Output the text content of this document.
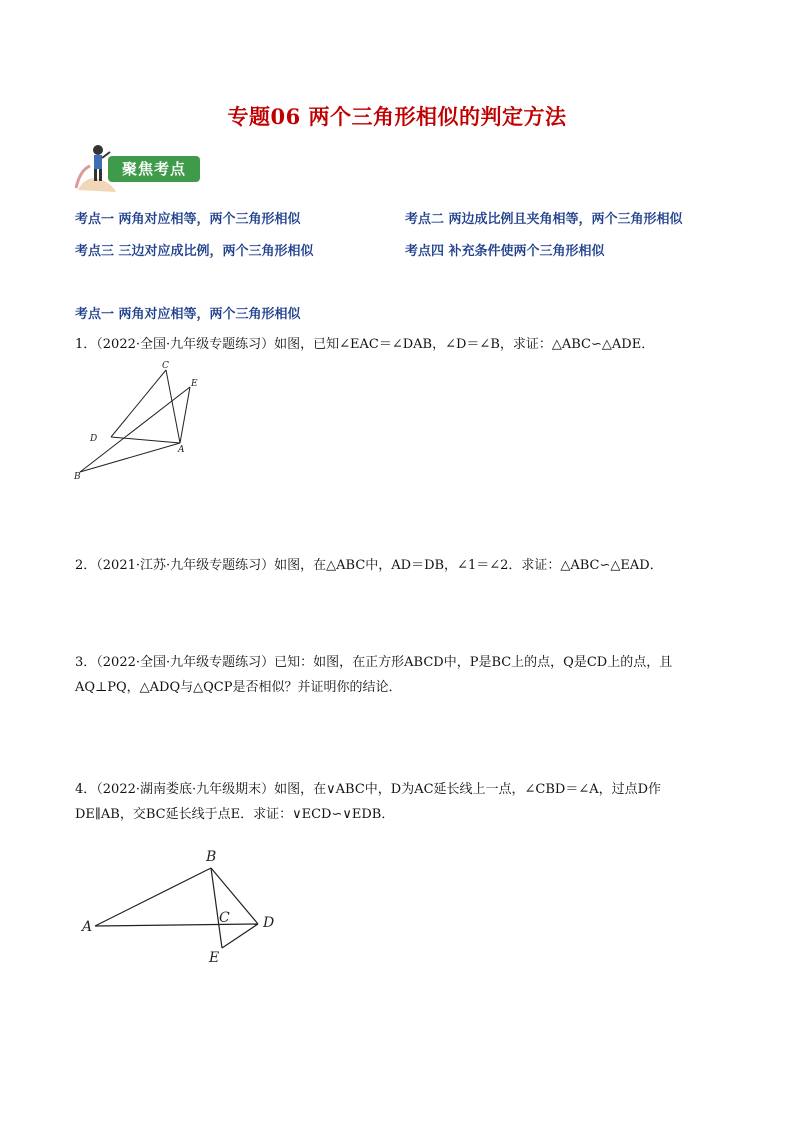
专题06 两个三角形相似的判定方法
聚焦考点
考点一 两角对应相等，两个三角形相似	考点二 两边成比例且夹角相等，两个三角形相似
考点三 三边对应成比例，两个三角形相似	考点四 补充条件使两个三角形相似
考点一 两角对应相等，两个三角形相似
1．（2022·全国·九年级专题练习）如图，已知∠EAC＝∠DAB，∠D＝∠B，求证：△ABC∽△ADE．
C
E
D
A
B
2．（2021·江苏·九年级专题练习）如图，在△ABC中，AD＝DB，∠1＝∠2．求证：△ABC∽△EAD．
3．（2022·全国·九年级专题练习）已知：如图，在正方形ABCD中，P是BC上的点，Q是CD上的点，且
AQ⊥PQ，△ADQ与△QCP是否相似？并证明你的结论．
4．（2022·湖南娄底·九年级期末）如图，在∨ABC中，D为AC延长线上一点，∠CBD＝∠A，过点D作
DE∥AB，交BC延长线于点E．求证：∨ECD∽∨EDB．
B
A
C D
E
